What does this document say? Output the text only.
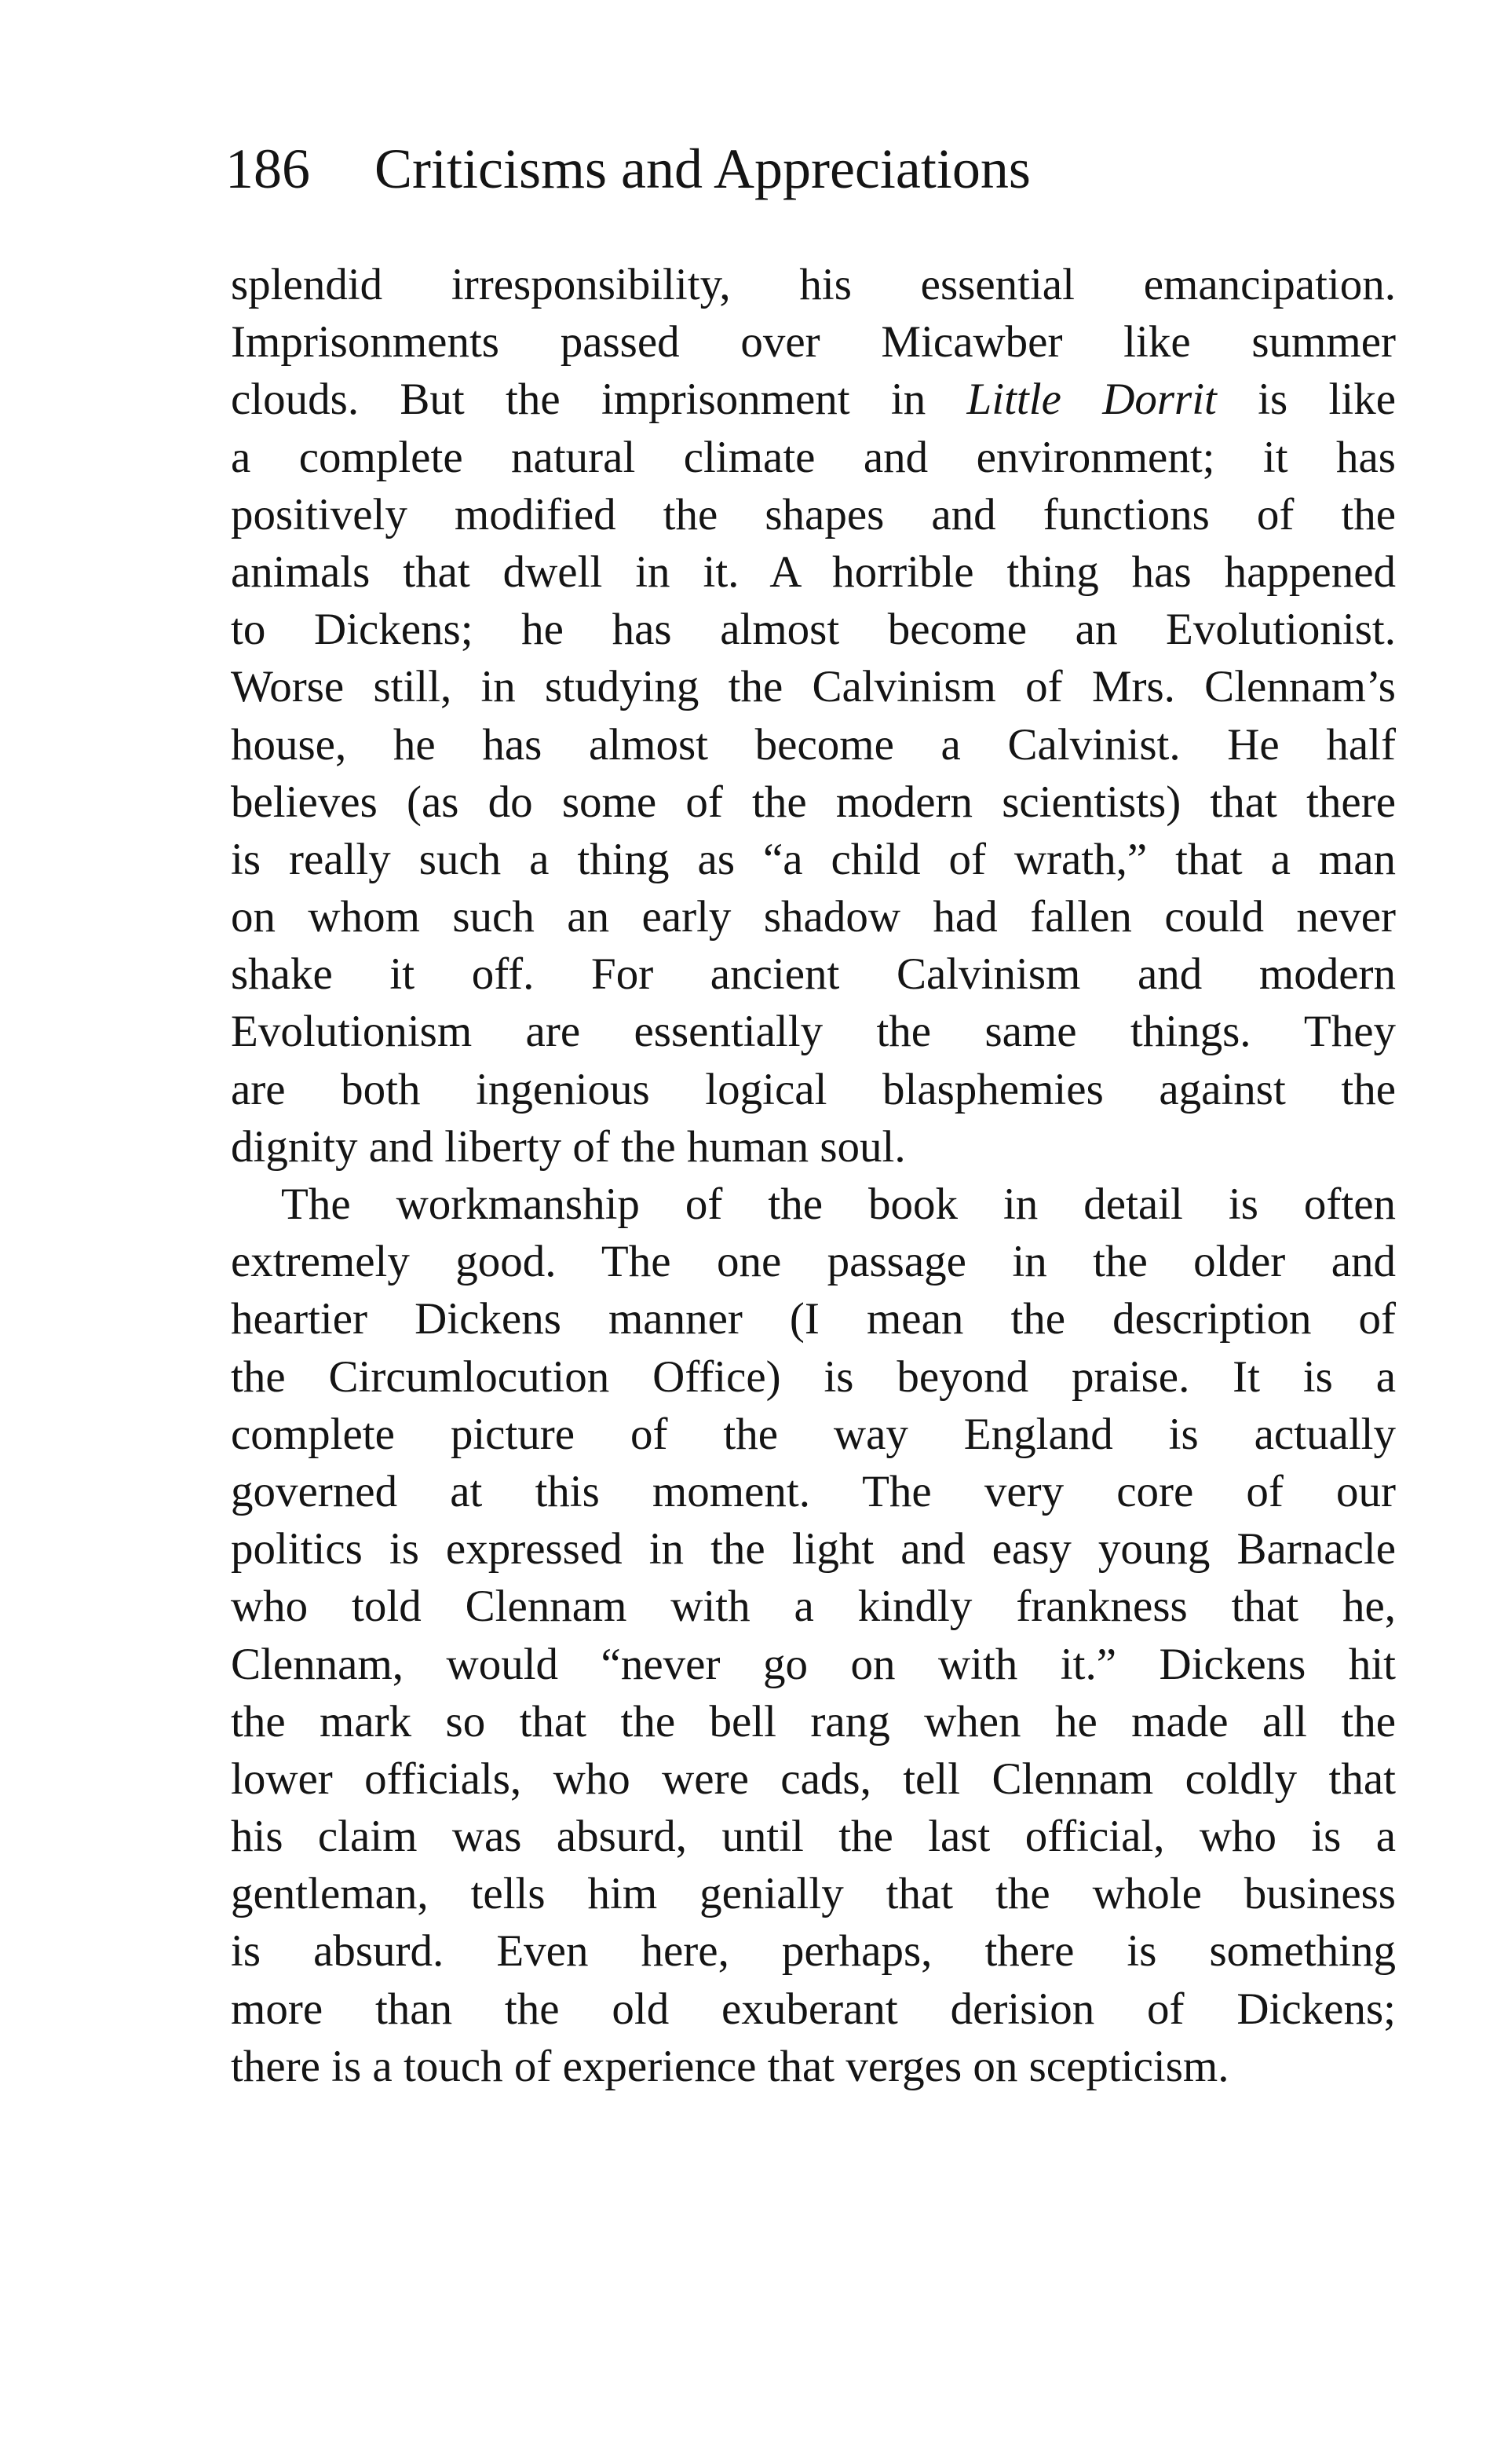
186 Criticisms and Appreciations
splendid irresponsibility, his essential emancipation.
Imprisonments passed over Micawber like summer
clouds. But the imprisonment in Little Dorrit is like
a complete natural climate and environment; it has
positively modified the shapes and functions of the
animals that dwell in it. A horrible thing has happened
to Dickens; he has almost become an Evolutionist.
Worse still, in studying the Calvinism of Mrs. Clennam’s
house, he has almost become a Calvinist. He half
believes (as do some of the modern scientists) that there
is really such a thing as “a child of wrath,” that a man
on whom such an early shadow had fallen could never
shake it off. For ancient Calvinism and modern
Evolutionism are essentially the same things. They
are both ingenious logical blasphemies against the
dignity and liberty of the human soul.
The workmanship of the book in detail is often
extremely good. The one passage in the older and
heartier Dickens manner (I mean the description of
the Circumlocution Office) is beyond praise. It is a
complete picture of the way England is actually
governed at this moment. The very core of our
politics is expressed in the light and easy young Barnacle
who told Clennam with a kindly frankness that he,
Clennam, would “never go on with it.” Dickens hit
the mark so that the bell rang when he made all the
lower officials, who were cads, tell Clennam coldly that
his claim was absurd, until the last official, who is a
gentleman, tells him genially that the whole business
is absurd. Even here, perhaps, there is something
more than the old exuberant derision of Dickens;
there is a touch of experience that verges on scepticism.
